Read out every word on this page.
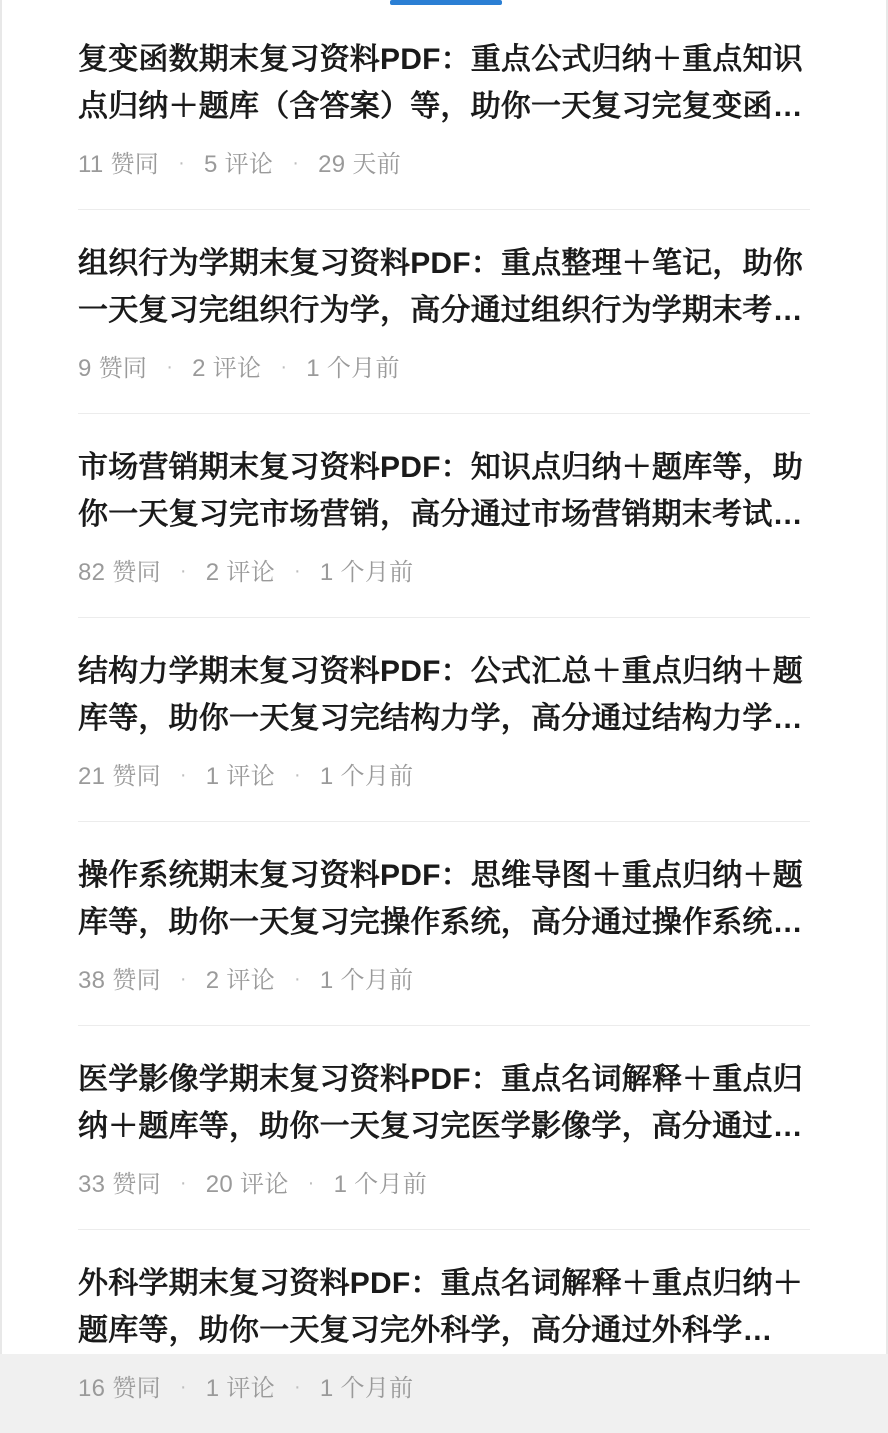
复变函数期末复习资料PDF：重点公式归纳＋重点知识点归纳＋题库（含答案）等，助你一天复习完复变函…
11 赞同 · 5 评论 · 29 天前
组织行为学期末复习资料PDF：重点整理＋笔记，助你一天复习完组织行为学，高分通过组织行为学期末考…
9 赞同 · 2 评论 · 1 个月前
市场营销期末复习资料PDF：知识点归纳＋题库等，助你一天复习完市场营销，高分通过市场营销期末考试…
82 赞同 · 2 评论 · 1 个月前
结构力学期末复习资料PDF：公式汇总＋重点归纳＋题库等，助你一天复习完结构力学，高分通过结构力学…
21 赞同 · 1 评论 · 1 个月前
操作系统期末复习资料PDF：思维导图＋重点归纳＋题库等，助你一天复习完操作系统，高分通过操作系统…
38 赞同 · 2 评论 · 1 个月前
医学影像学期末复习资料PDF：重点名词解释＋重点归纳＋题库等，助你一天复习完医学影像学，高分通过…
33 赞同 · 20 评论 · 1 个月前
外科学期末复习资料PDF：重点名词解释＋重点归纳＋题库等，助你一天复习完外科学，高分通过外科学…
16 赞同 · 1 评论 · 1 个月前
